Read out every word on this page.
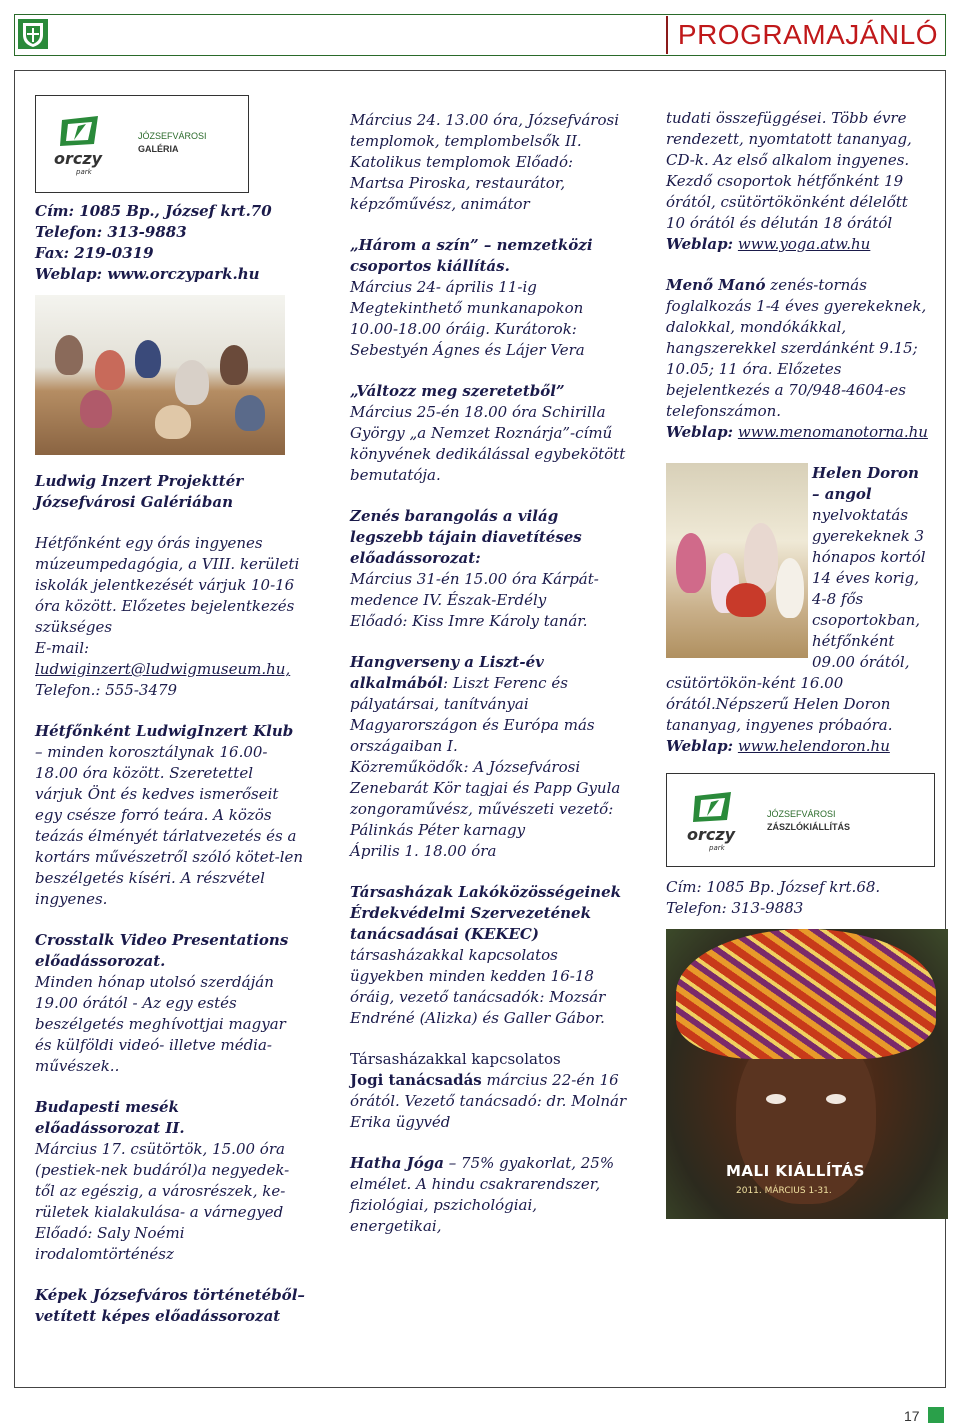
PROGRAMAJÁNLÓ
orczy
park
JÓZSEFVÁROSI
GALÉRIA
Cím: 1085 Bp., József krt.70
Telefon: 313-9883
Fax: 219-0319
Weblap: www.orczypark.hu

Ludwig Inzert Projekttér Józsefvárosi Galériában

Hétfőnként egy órás ingyenes múzeumpedagógia, a VIII. kerületi iskolák jelentkezését várjuk 10-16 óra között. Előzetes bejelentkezés szükséges
E-mail:
ludwiginzert@ludwigmuseum.hu,
Telefon.: 555-3479

Hétfőnként LudwigInzert Klub – minden korosztálynak 16.00-18.00 óra között. Szeretettel várjuk Önt és kedves ismerőseit egy csésze forró teára. A közös teázás élményét tárlatvezetés és a kortárs művészetről szóló kötet-len beszélgetés kíséri. A részvétel ingyenes.

Crosstalk Video Presentations előadássorozat.
Minden hónap utolsó szerdáján 19.00 órától - Az egy estés beszélgetés meghívottjai magyar és külföldi videó- illetve média-művészek..

Budapesti mesék előadássorozat II.
Március 17. csütörtök, 15.00 óra (pestiek-nek budáról)a negyedek-től az egészig, a városrészek, ke-rületek kialakulása- a várnegyed
Előadó: Saly Noémi irodalomtörténész

Képek Józsefváros történetéből– vetített képes előadássorozat

Március 24. 13.00 óra, Józsefvárosi templomok, templombelsők II. Katolikus templomok Előadó: Martsa Piroska, restaurátor, képzőművész, animátor

„Három a szín” – nemzetközi csoportos kiállítás.
Március 24- április 11-ig Megtekinthető munkanapokon 10.00-18.00 óráig. Kurátorok: Sebestyén Ágnes és Lájer Vera

„Változz meg szeretetből”
Március 25-én 18.00 óra Schirilla György „a Nemzet Roznárja”-című könyvének dedikálással egybekötött bemutatója.

Zenés barangolás a világ legszebb tájain diavetítéses előadássorozat:
Március 31-én 15.00 óra Kárpát-medence IV. Észak-Erdély
Előadó: Kiss Imre Károly tanár.

Hangverseny a Liszt-év alkalmából: Liszt Ferenc és pályatársai, tanítványai Magyarországon és Európa más országaiban I.
Közreműködők: A Józsefvárosi Zenebarát Kör tagjai és Papp Gyula zongoraművész, művészeti vezető: Pálinkás Péter karnagy
Április 1. 18.00 óra

Társasházak Lakóközösségeinek Érdekvédelmi Szervezetének tanácsadásai (KEKEC)
társasházakkal kapcsolatos ügyekben minden kedden 16-18 óráig, vezető tanácsadók: Mozsár Endréné (Alizka) és Galler Gábor.

Társasházakkal kapcsolatos
Jogi tanácsadás március 22-én 16 órától. Vezető tanácsadó: dr. Molnár Erika ügyvéd

Hatha Jóga – 75% gyakorlat, 25% elmélet. A hindu csakrarendszer, fiziológiai, pszichológiai, energetikai,

tudati összefüggései. Több évre rendezett, nyomtatott tananyag, CD-k. Az első alkalom ingyenes. Kezdő csoportok hétfőnként 19 órától, csütörtökönként délelőtt 10 órától és délután 18 órától
Weblap: www.yoga.atw.hu

Menő Manó zenés-tornás foglalkozás 1-4 éves gyerekeknek, dalokkal, mondókákkal, hangszerekkel szerdánként 9.15; 10.05; 11 óra. Előzetes bejelentkezés a 70/948-4604-es telefonszámon.
Weblap: www.menomanotorna.hu

Helen Doron – angol
nyelvoktatás gyerekeknek 3 hónapos kortól 14 éves korig, 4-8 fős csoportokban, hétfőnként 09.00 órától, csütörtökön-ként 16.00 órától.Népszerű Helen Doron tananyag, ingyenes próbaóra.
Weblap: www.helendoron.hu
orczy
park
JÓZSEFVÁROSI
ZÁSZLÓKIÁLLÍTÁS
Cím: 1085 Bp. József krt.68.
Telefon: 313-9883
MALI KIÁLLÍTÁS
2011. MÁRCIUS 1-31.
17
